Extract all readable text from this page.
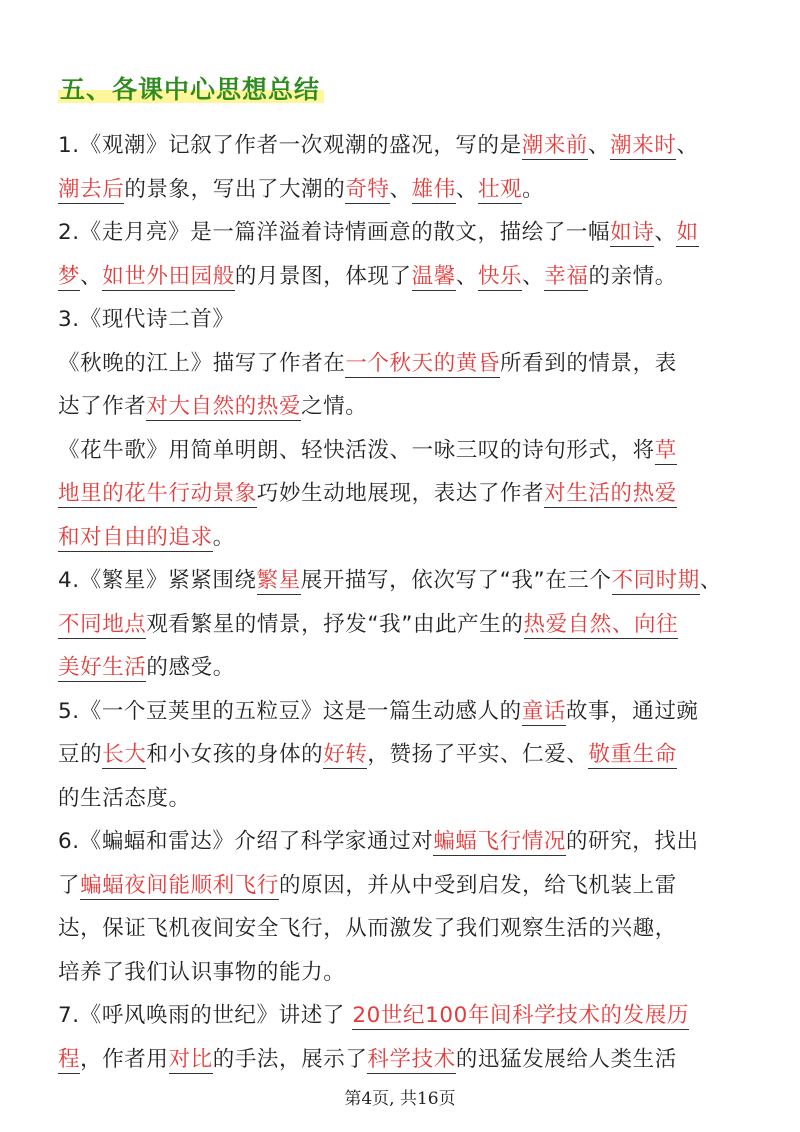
五、各课中心思想总结
1.《观潮》记叙了作者一次观潮的盛况，写的是潮来前、潮来时、
潮去后的景象，写出了大潮的奇特、雄伟、壮观。
2.《走月亮》是一篇洋溢着诗情画意的散文，描绘了一幅如诗、如
梦、如世外田园般的月景图，体现了温馨、快乐、幸福的亲情。
3.《现代诗二首》
《秋晚的江上》描写了作者在一个秋天的黄昏所看到的情景，表
达了作者对大自然的热爱之情。
《花牛歌》用简单明朗、轻快活泼、一咏三叹的诗句形式，将草
地里的花牛行动景象巧妙生动地展现，表达了作者对生活的热爱
和对自由的追求。
4.《繁星》紧紧围绕繁星展开描写，依次写了“我”在三个不同时期、
不同地点观看繁星的情景，抒发“我”由此产生的热爱自然、向往
美好生活的感受。
5.《一个豆荚里的五粒豆》这是一篇生动感人的童话故事，通过豌
豆的长大和小女孩的身体的好转，赞扬了平实、仁爱、敬重生命
的生活态度。
6.《蝙蝠和雷达》介绍了科学家通过对蝙蝠飞行情况的研究，找出
了蝙蝠夜间能顺利飞行的原因，并从中受到启发，给飞机装上雷
达，保证飞机夜间安全飞行，从而激发了我们观察生活的兴趣，
培养了我们认识事物的能力。
7.《呼风唤雨的世纪》讲述了 20世纪100年间科学技术的发展历
程，作者用对比的手法，展示了科学技术的迅猛发展给人类生活
第4页, 共16页
